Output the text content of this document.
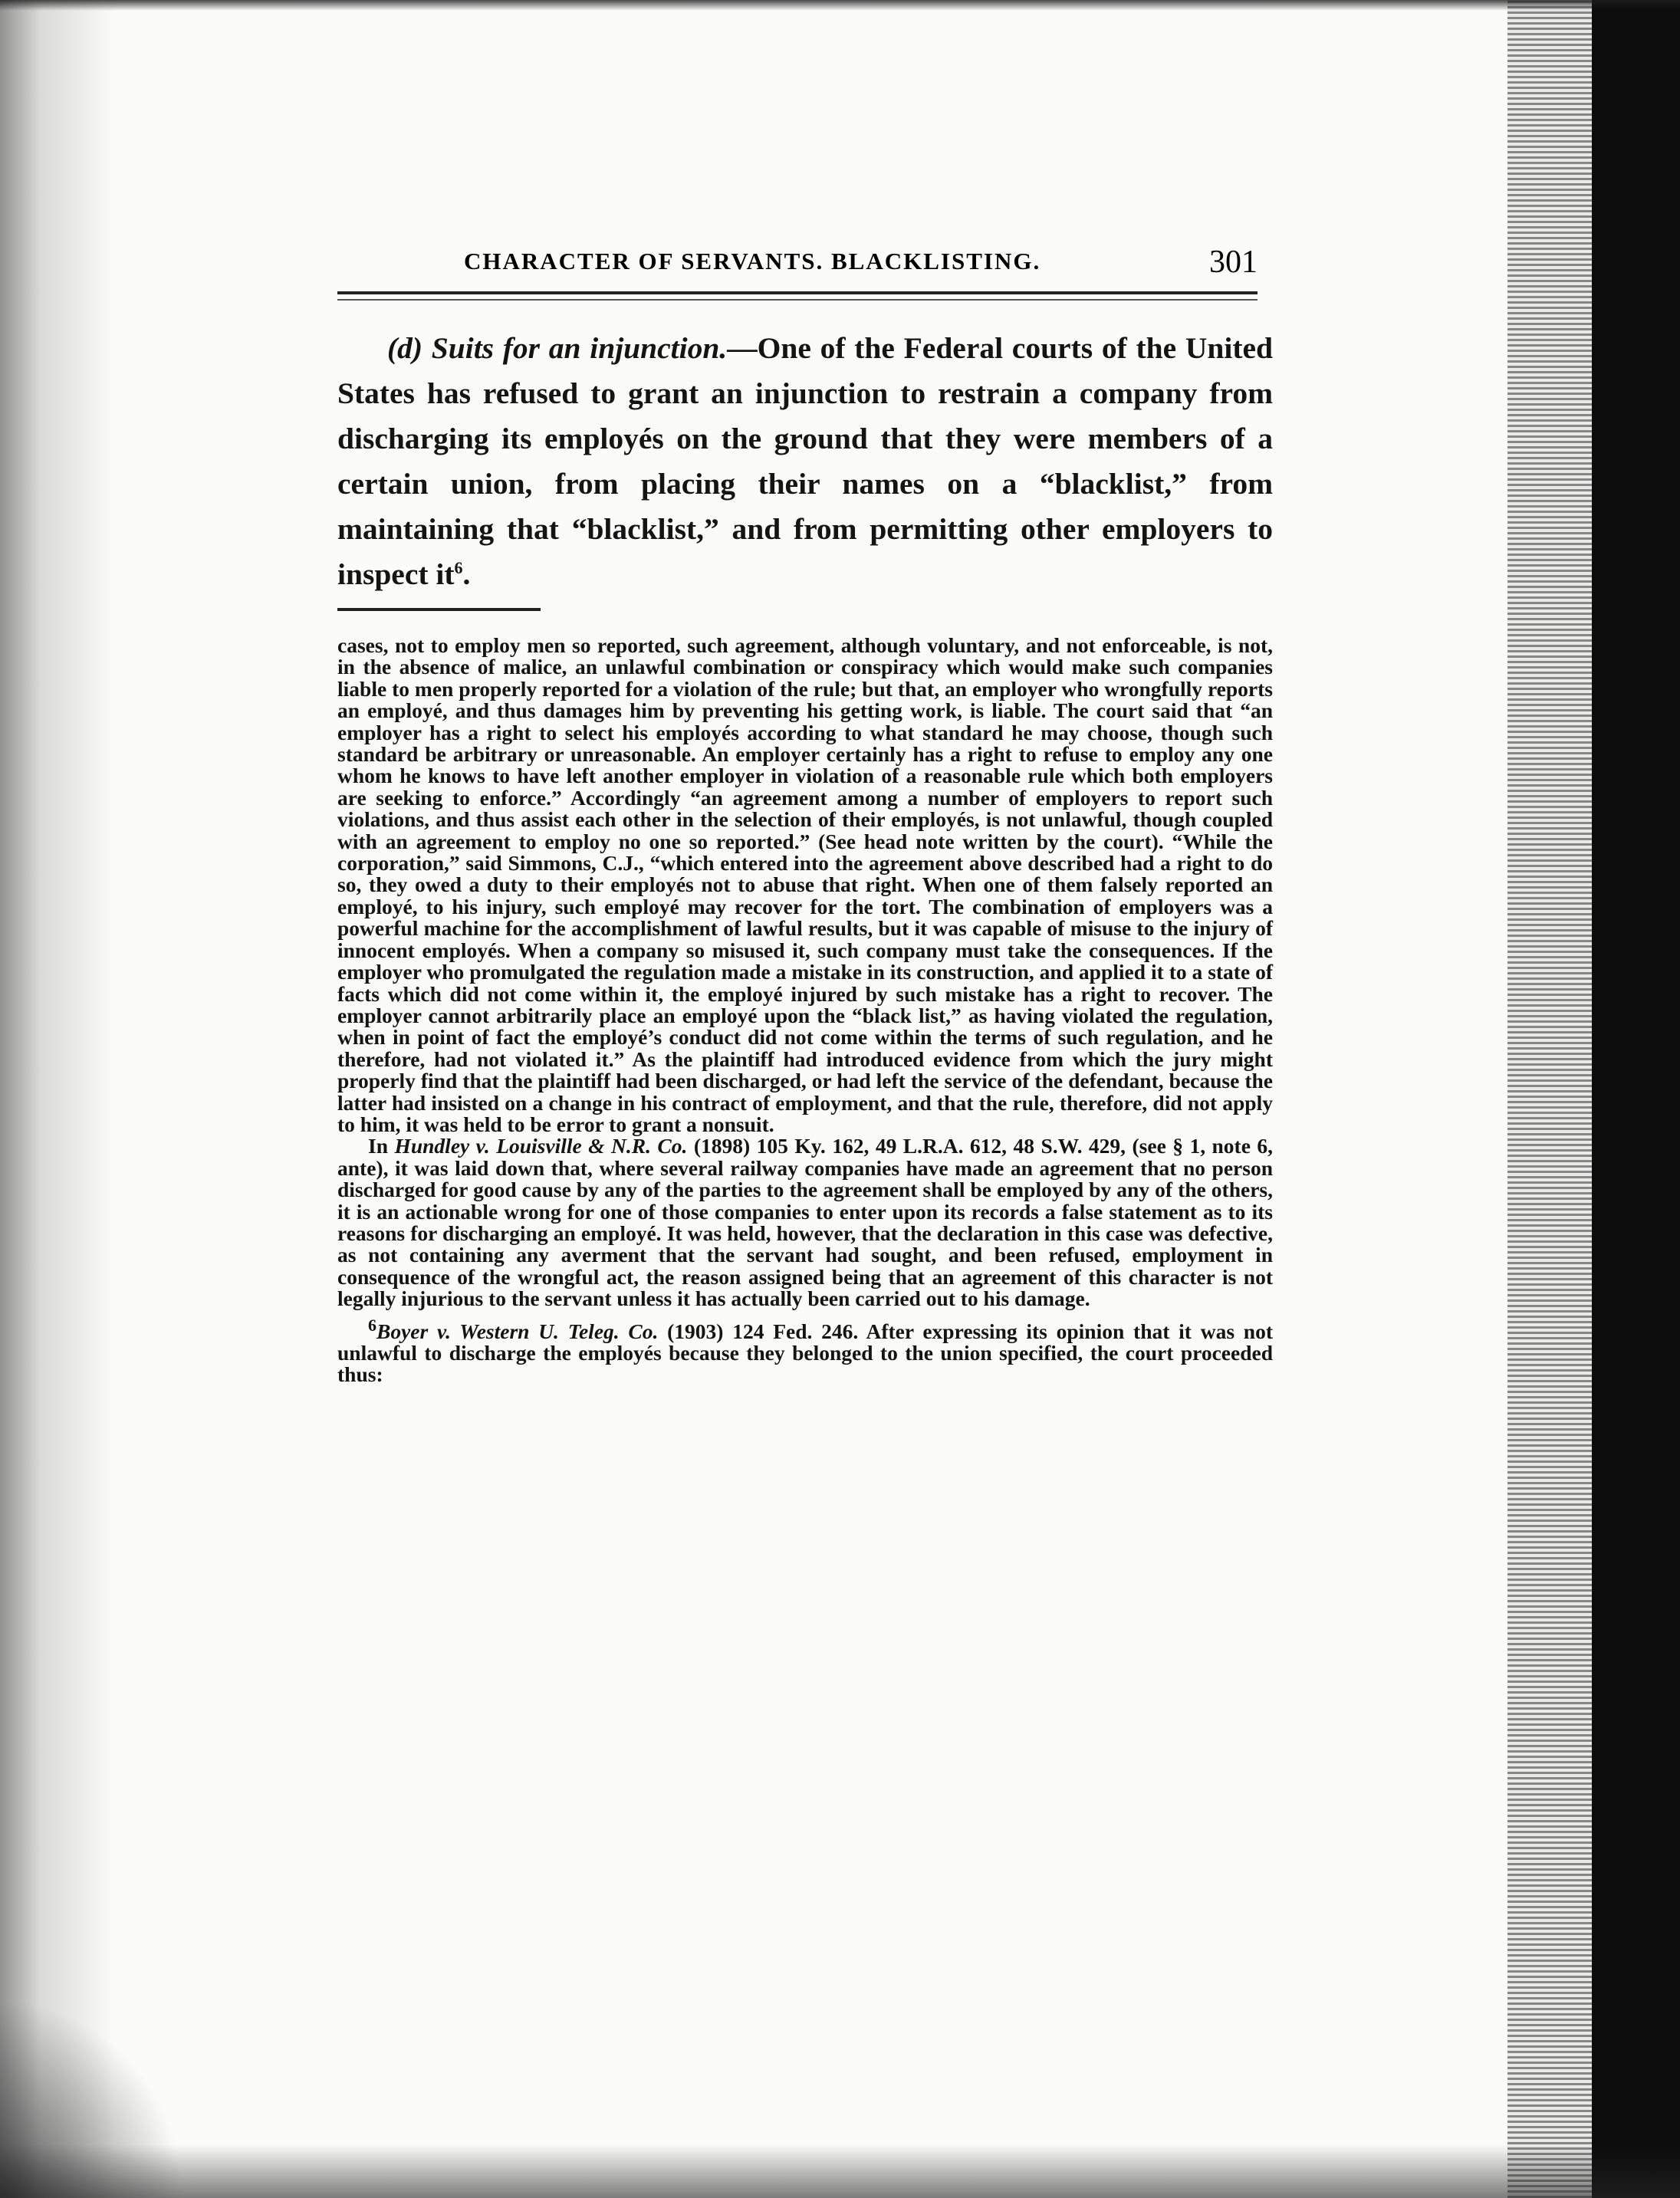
CHARACTER OF SERVANTS. BLACKLISTING.	301

(d) Suits for an injunction.—One of the Federal courts of the United States has refused to grant an injunction to restrain a company from discharging its employés on the ground that they were members of a certain union, from placing their names on a “blacklist,” from maintaining that “blacklist,” and from permitting other employers to inspect $it^6$.

cases, not to employ men so reported, such agreement, although voluntary, and not enforceable, is not, in the absence of malice, an unlawful combination or conspiracy which would make such companies liable to men properly reported for a violation of the rule; but that, an employer who wrongfully reports an employé, and thus damages him by preventing his getting work, is liable. The court said that “an employer has a right to select his employés according to what standard he may choose, though such standard be arbitrary or unreasonable. An employer certainly has a right to refuse to employ any one whom he knows to have left another employer in violation of a reasonable rule which both employers are seeking to enforce.” Accordingly “an agreement among a number of employers to report such violations, and thus assist each other in the selection of their employés, is not unlawful, though coupled with an agreement to employ no one so reported.” (See head note written by the court). “While the corporation,” said Simmons, C.J., “which entered into the agreement above described had a right to do so, they owed a duty to their employés not to abuse that right. When one of them falsely reported an employé, to his injury, such employé may recover for the tort. The combination of employers was a powerful machine for the accomplishment of lawful results, but it was capable of misuse to the injury of innocent employés. When a company so misused it, such company must take the consequences. If the employer who promulgated the regulation made a mistake in its construction, and applied it to a state of facts which did not come within it, the employé injured by such mistake has a right to recover. The employer cannot arbitrarily place an employé upon the “black list,” as having violated the regulation, when in point of fact the employé’s conduct did not come within the terms of such regulation, and he therefore, had not violated it.” As the plaintiff had introduced evidence from which the jury might properly find that the plaintiff had been discharged, or had left the service of the defendant, because the latter had insisted on a change in his contract of employment, and that the rule, therefore, did not apply to him, it was held to be error to grant a nonsuit.

In Hundley v. Louisville & N.R. Co. (1898) 105 Ky. 162, 49 L.R.A. 612, 48 S.W. 429, (see § 1, note 6, ante), it was laid down that, where several railway companies have made an agreement that no person discharged for good cause by any of the parties to the agreement shall be employed by any of the others, it is an actionable wrong for one of those companies to enter upon its records a false statement as to its reasons for discharging an employé. It was held, however, that the declaration in this case was defective, as not containing any averment that the servant had sought, and been refused, employment in consequence of the wrongful act, the reason assigned being that an agreement of this character is not legally injurious to the servant unless it has actually been carried out to his damage.

$^6$Boyer v. Western U. Teleg. Co. (1903) 124 Fed. 246. After expressing its opinion that it was not unlawful to discharge the employés because they belonged to the union specified, the court proceeded thus:
